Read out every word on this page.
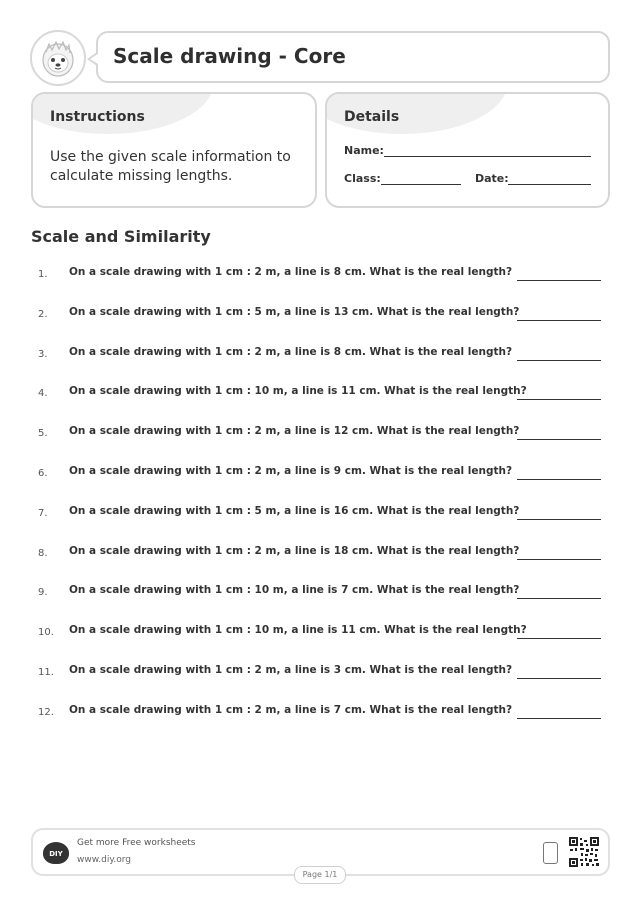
Scale drawing - Core
Instructions
Use the given scale information to calculate missing lengths.
Details
Name:
Class:	Date:
Scale and Similarity
1. On a scale drawing with 1 cm : 2 m, a line is 8 cm. What is the real length?
2. On a scale drawing with 1 cm : 5 m, a line is 13 cm. What is the real length?
3. On a scale drawing with 1 cm : 2 m, a line is 8 cm. What is the real length?
4. On a scale drawing with 1 cm : 10 m, a line is 11 cm. What is the real length?
5. On a scale drawing with 1 cm : 2 m, a line is 12 cm. What is the real length?
6. On a scale drawing with 1 cm : 2 m, a line is 9 cm. What is the real length?
7. On a scale drawing with 1 cm : 5 m, a line is 16 cm. What is the real length?
8. On a scale drawing with 1 cm : 2 m, a line is 18 cm. What is the real length?
9. On a scale drawing with 1 cm : 10 m, a line is 7 cm. What is the real length?
10. On a scale drawing with 1 cm : 10 m, a line is 11 cm. What is the real length?
11. On a scale drawing with 1 cm : 2 m, a line is 3 cm. What is the real length?
12. On a scale drawing with 1 cm : 2 m, a line is 7 cm. What is the real length?
DIY
Get more Free worksheets
www.diy.org
Page 1/1
